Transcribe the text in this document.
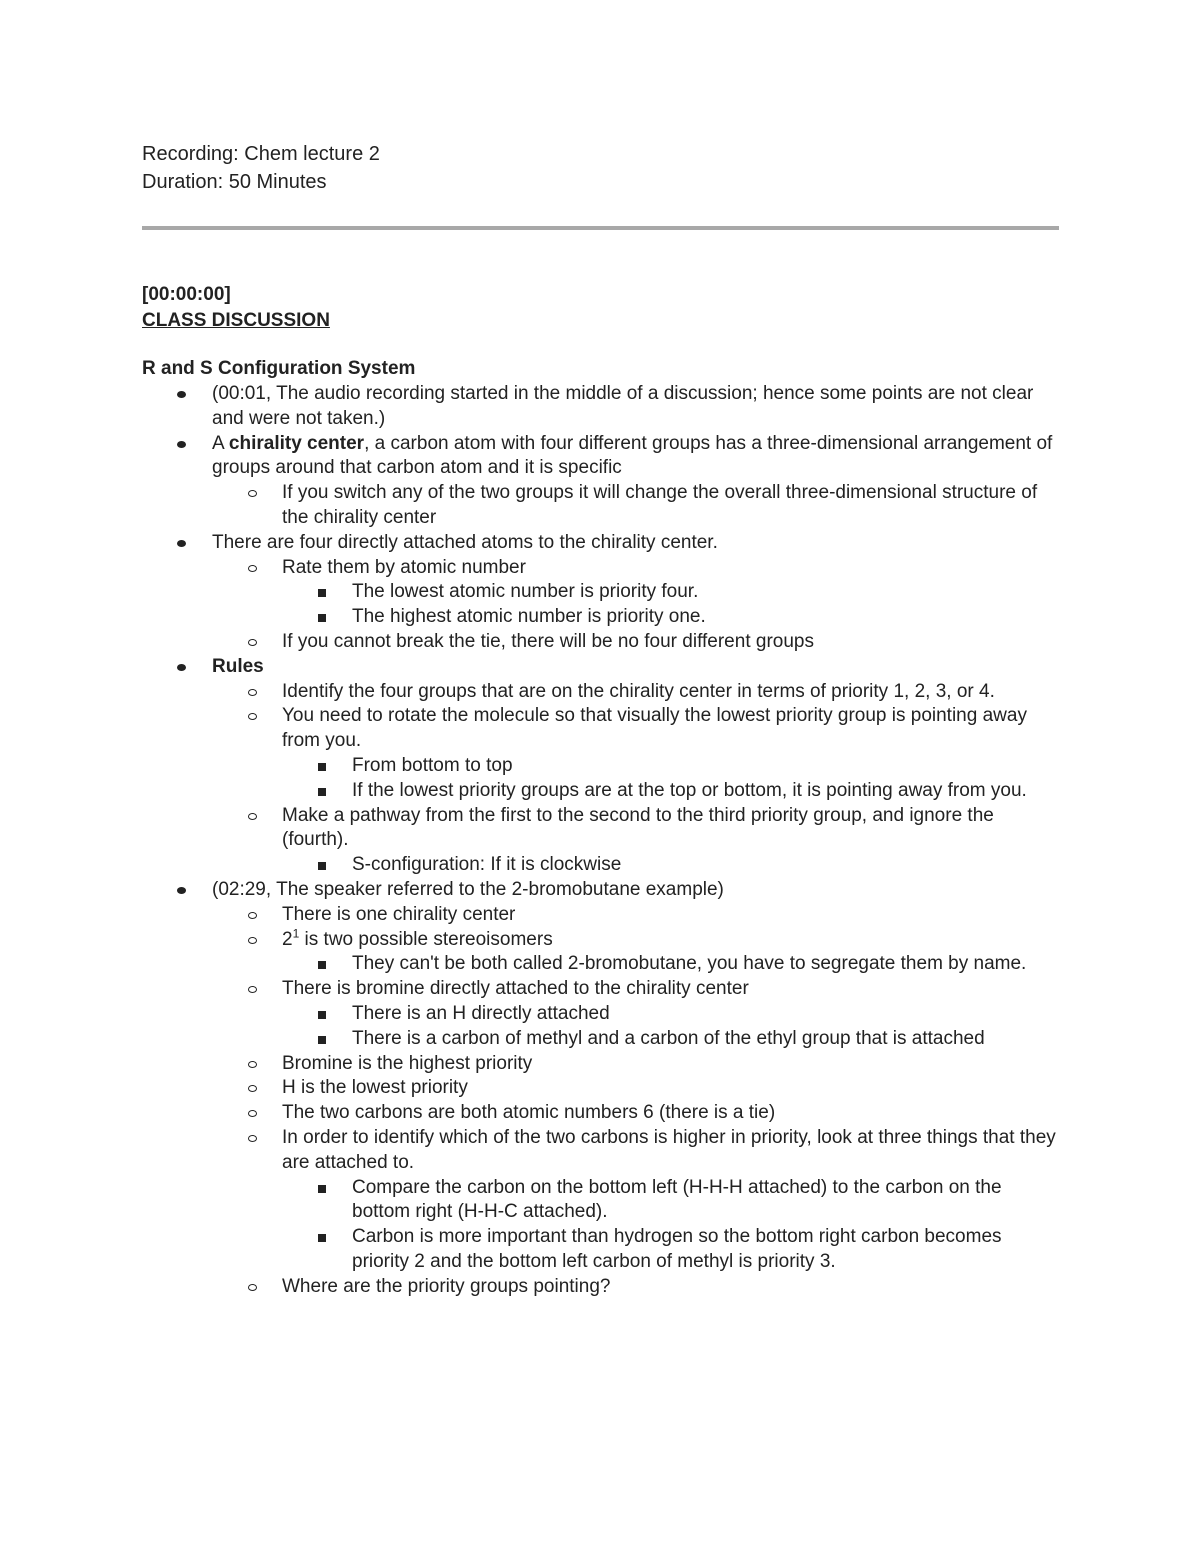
Recording: Chem lecture 2

Duration: 50 Minutes

[00:00:00]

CLASS DISCUSSION

R and S Configuration System

(00:01, The audio recording started in the middle of a discussion; hence some points are not clear and were not taken.)
A chirality center, a carbon atom with four different groups has a three-dimensional arrangement of groups around that carbon atom and it is specific
If you switch any of the two groups it will change the overall three-dimensional structure of the chirality center
There are four directly attached atoms to the chirality center.
Rate them by atomic number
The lowest atomic number is priority four.
The highest atomic number is priority one.
If you cannot break the tie, there will be no four different groups
Rules
Identify the four groups that are on the chirality center in terms of priority 1, 2, 3, or 4.
You need to rotate the molecule so that visually the lowest priority group is pointing away from you.
From bottom to top
If the lowest priority groups are at the top or bottom, it is pointing away from you.
Make a pathway from the first to the second to the third priority group, and ignore the (fourth).
S-configuration: If it is clockwise
(02:29, The speaker referred to the 2-bromobutane example)
There is one chirality center
$2^1$ is two possible stereoisomers
They can't be both called 2-bromobutane, you have to segregate them by name.
There is bromine directly attached to the chirality center
There is an H directly attached
There is a carbon of methyl and a carbon of the ethyl group that is attached
Bromine is the highest priority
H is the lowest priority
The two carbons are both atomic numbers 6 (there is a tie)
In order to identify which of the two carbons is higher in priority, look at three things that they are attached to.
Compare the carbon on the bottom left (H-H-H attached) to the carbon on the bottom right (H-H-C attached).
Carbon is more important than hydrogen so the bottom right carbon becomes priority 2 and the bottom left carbon of methyl is priority 3.
Where are the priority groups pointing?
